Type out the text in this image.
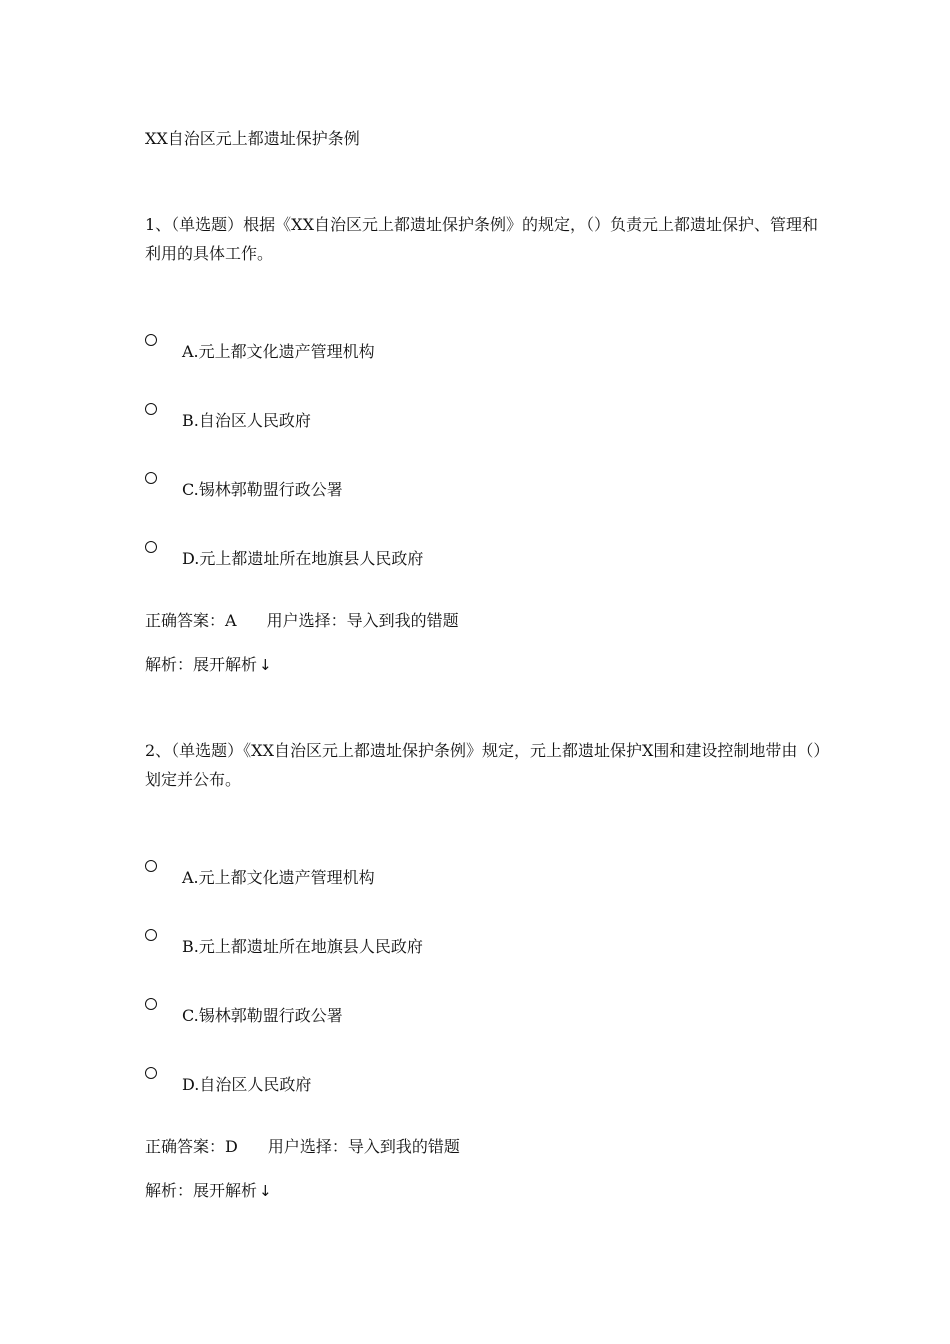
XX自治区元上都遗址保护条例

1、（单选题）根据《XX自治区元上都遗址保护条例》的规定，（）负责元上都遗址保护、管理和利用的具体工作。

A.元上都文化遗产管理机构
B.自治区人民政府
C.锡林郭勒盟行政公署
D.元上都遗址所在地旗县人民政府
正确答案：A 用户选择：导入到我的错题
解析：展开解析 ↓

2、（单选题）《XX自治区元上都遗址保护条例》规定，元上都遗址保护X围和建设控制地带由（）划定并公布。

A.元上都文化遗产管理机构
B.元上都遗址所在地旗县人民政府
C.锡林郭勒盟行政公署
D.自治区人民政府
正确答案：D 用户选择：导入到我的错题
解析：展开解析 ↓
